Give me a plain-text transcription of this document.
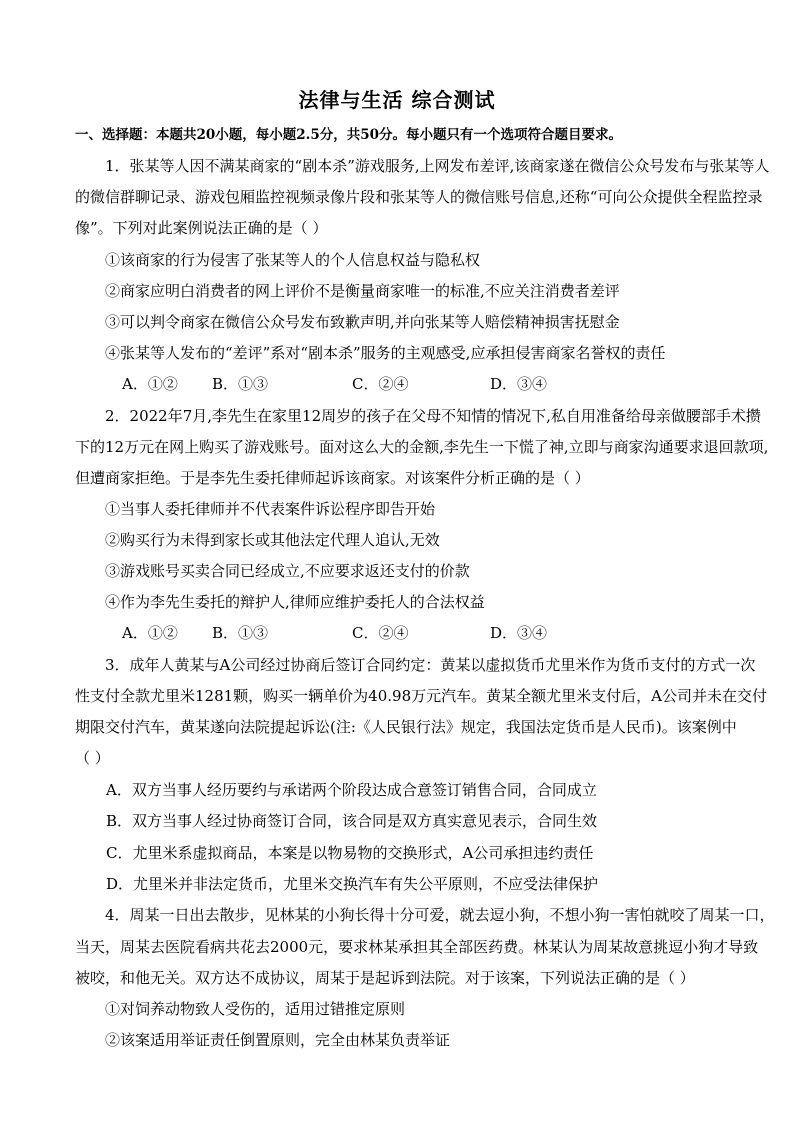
法律与生活 综合测试
一、选择题：本题共20小题，每小题2.5分，共50分。每小题只有一个选项符合题目要求。
1．张某等人因不满某商家的“剧本杀”游戏服务,上网发布差评,该商家遂在微信公众号发布与张某等人
的微信群聊记录、游戏包厢监控视频录像片段和张某等人的微信账号信息,还称“可向公众提供全程监控录
像”。下列对此案例说法正确的是（ ）
①该商家的行为侵害了张某等人的个人信息权益与隐私权
②商家应明白消费者的网上评价不是衡量商家唯一的标准,不应关注消费者差评
③可以判令商家在微信公众号发布致歉声明,并向张某等人赔偿精神损害抚慰金
④张某等人发布的“差评”系对“剧本杀”服务的主观感受,应承担侵害商家名誉权的责任
A．①② B．①③	C．②④	D．③④
2．2022年7月,李先生在家里12周岁的孩子在父母不知情的情况下,私自用准备给母亲做腰部手术攒
下的12万元在网上购买了游戏账号。面对这么大的金额,李先生一下慌了神,立即与商家沟通要求退回款项,
但遭商家拒绝。于是李先生委托律师起诉该商家。对该案件分析正确的是（ ）
①当事人委托律师并不代表案件诉讼程序即告开始
②购买行为未得到家长或其他法定代理人追认,无效
③游戏账号买卖合同已经成立,不应要求返还支付的价款
④作为李先生委托的辩护人,律师应维护委托人的合法权益
A．①② B．①③	C．②④	D．③④
3．成年人黄某与A公司经过协商后签订合同约定：黄某以虚拟货币尤里米作为货币支付的方式一次
性支付全款尤里米1281颗，购买一辆单价为40.98万元汽车。黄某全额尤里米支付后，A公司并未在交付
期限交付汽车，黄某遂向法院提起诉讼(注:《人民银行法》规定，我国法定货币是人民币)。该案例中
（ ）
A．双方当事人经历要约与承诺两个阶段达成合意签订销售合同，合同成立
B．双方当事人经过协商签订合同，该合同是双方真实意见表示，合同生效
C．尤里米系虚拟商品，本案是以物易物的交换形式，A公司承担违约责任
D．尤里米并非法定货币，尤里米交换汽车有失公平原则，不应受法律保护
4．周某一日出去散步，见林某的小狗长得十分可爱，就去逗小狗，不想小狗一害怕就咬了周某一口，
当天，周某去医院看病共花去2000元，要求林某承担其全部医药费。林某认为周某故意挑逗小狗才导致
被咬，和他无关。双方达不成协议，周某于是起诉到法院。对于该案，下列说法正确的是（ ）
①对饲养动物致人受伤的，适用过错推定原则
②该案适用举证责任倒置原则，完全由林某负责举证
